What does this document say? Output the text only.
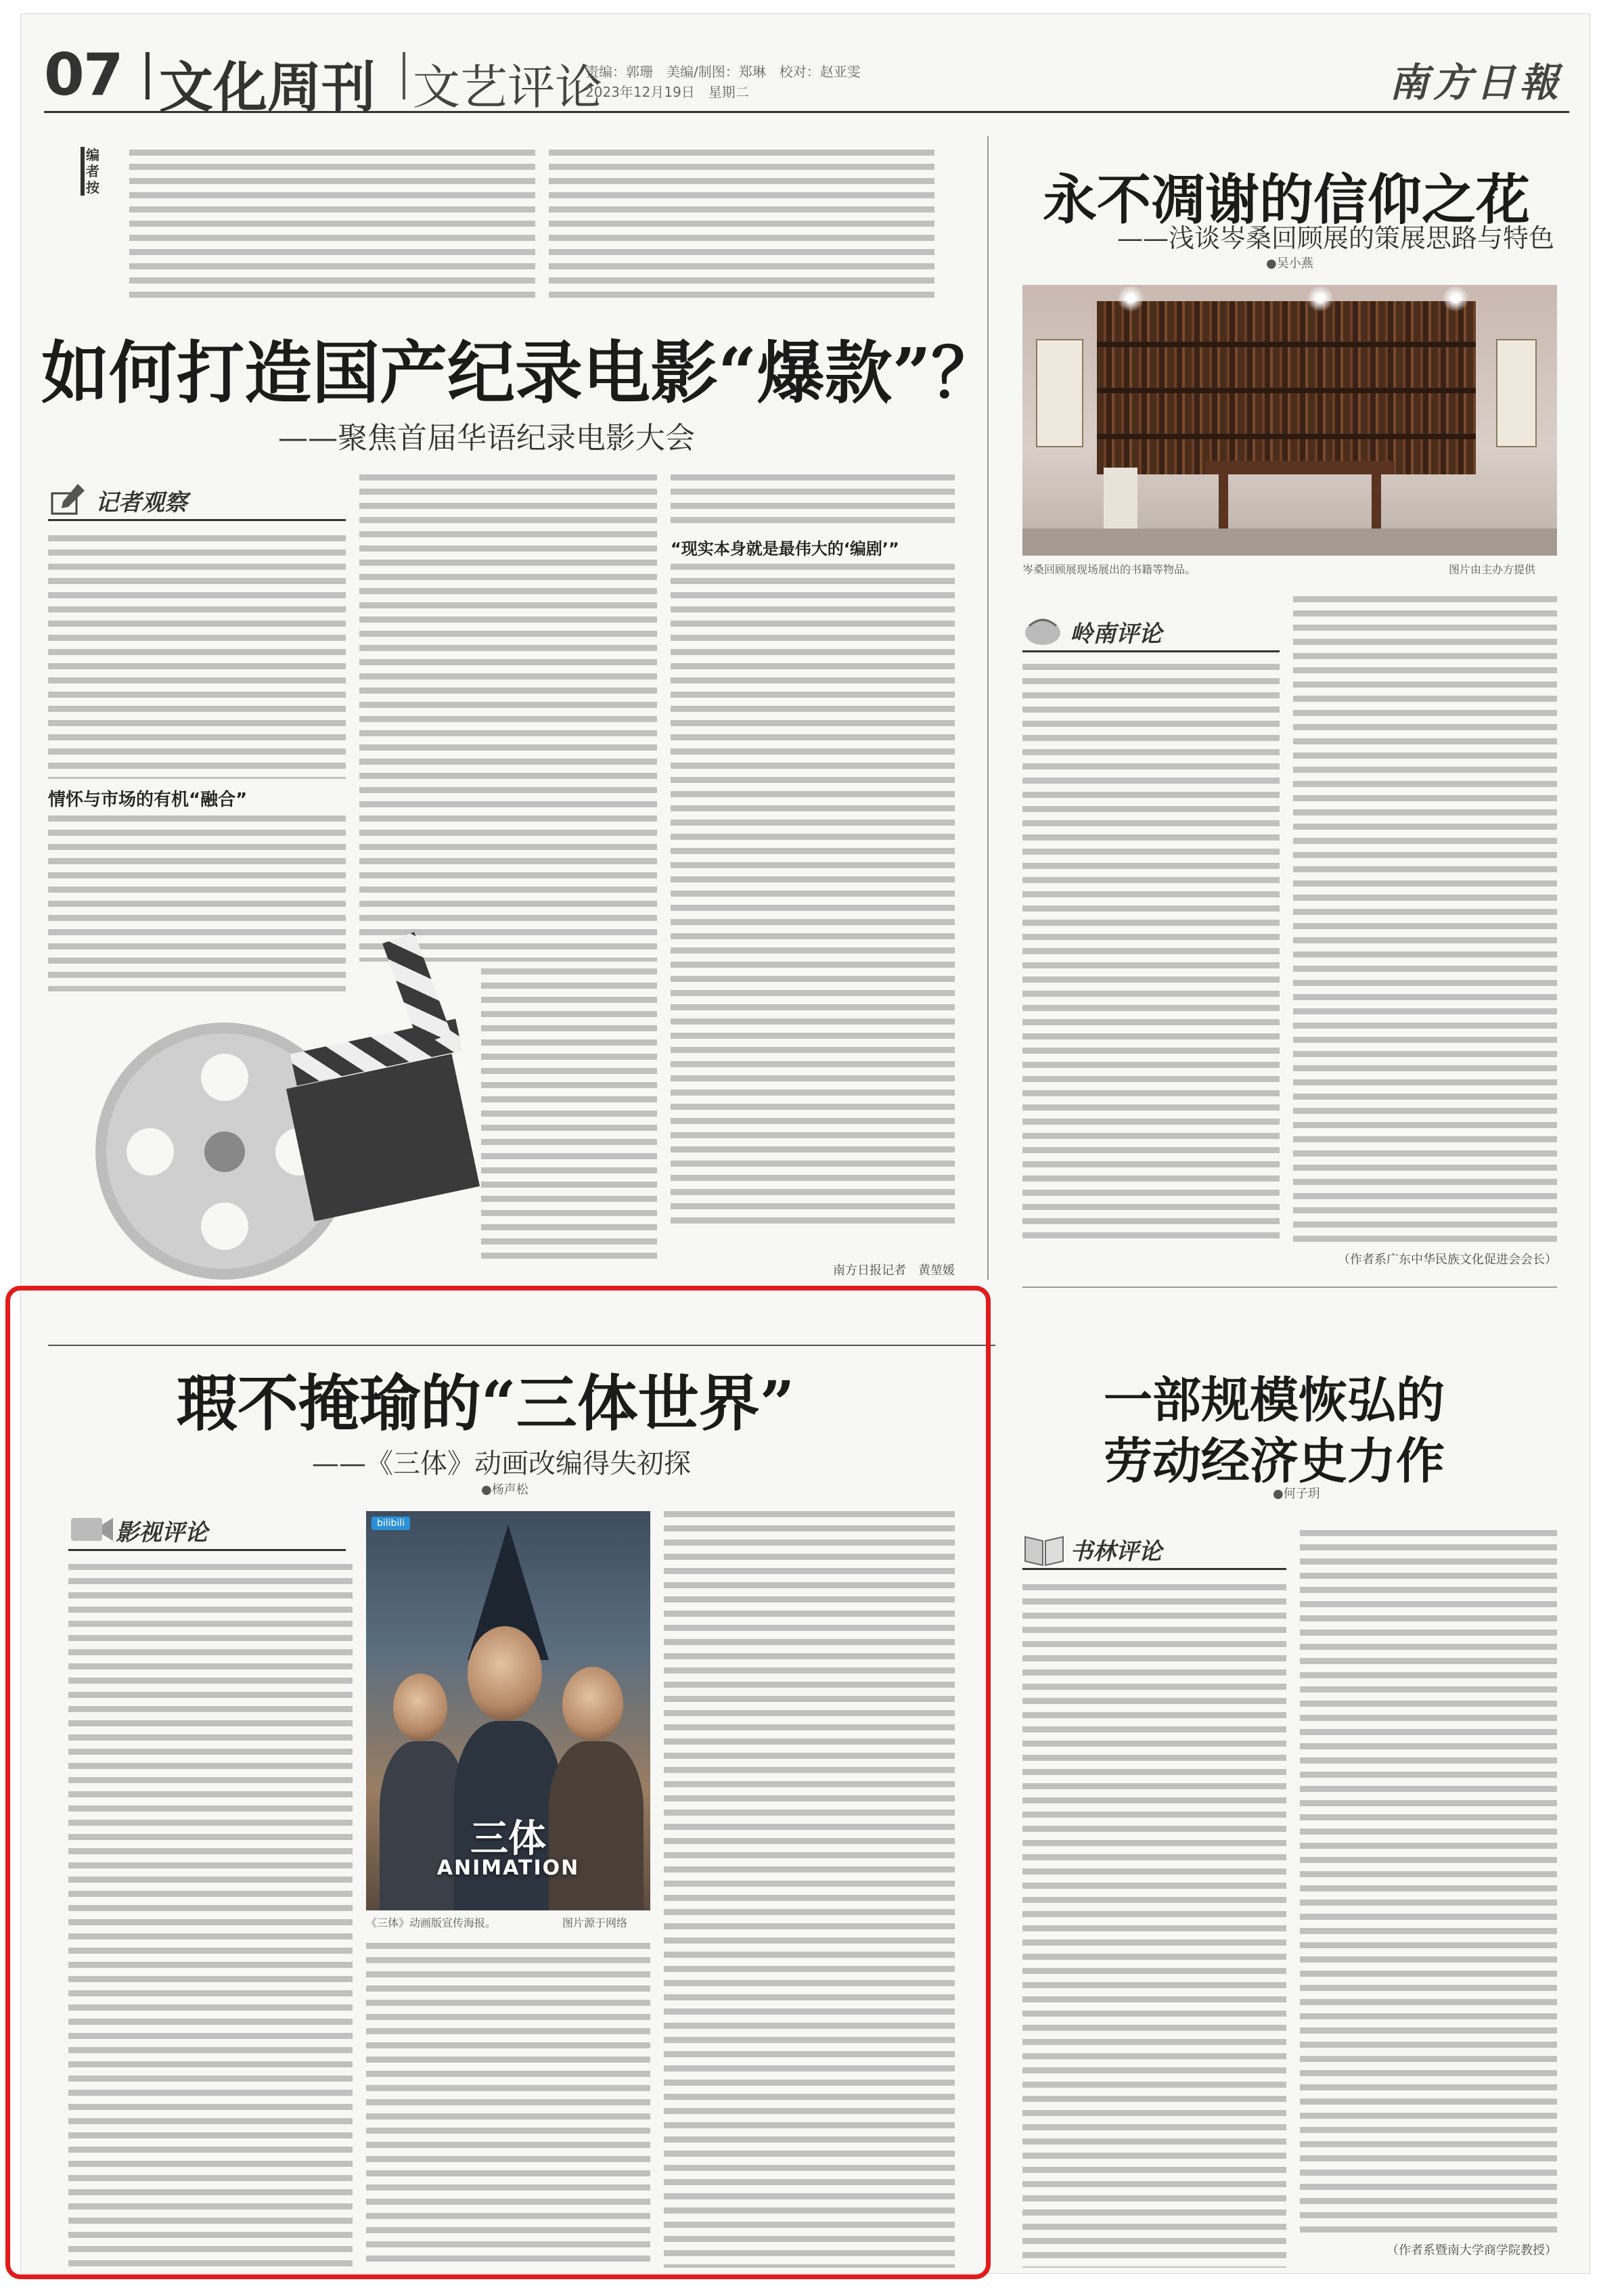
07 文化周刊 文艺评论
责编：郭珊　美编/制图：郑琳　校对：赵亚雯
2023年12月19日　星期二	南方日報
编者按
如何打造国产纪录电影“爆款”？
——聚焦首届华语纪录电影大会
记者观察
情怀与市场的有机“融合”
“现实本身就是最伟大的‘编剧’”
南方日报记者　黄堃媛
永不凋谢的信仰之花
——浅谈岑桑回顾展的策展思路与特色
●吴小燕
岑桑回顾展现场展出的书籍等物品。	图片由主办方提供
岭南评论
（作者系广东中华民族文化促进会会长）
瑕不掩瑜的“三体世界”
——《三体》动画改编得失初探
●杨声松
影视评论	bilibili
三体
ANIMATION
《三体》动画版宣传海报。	图片源于网络
一部规模恢弘的
劳动经济史力作
●何子玥
书林评论
（作者系暨南大学商学院教授）
